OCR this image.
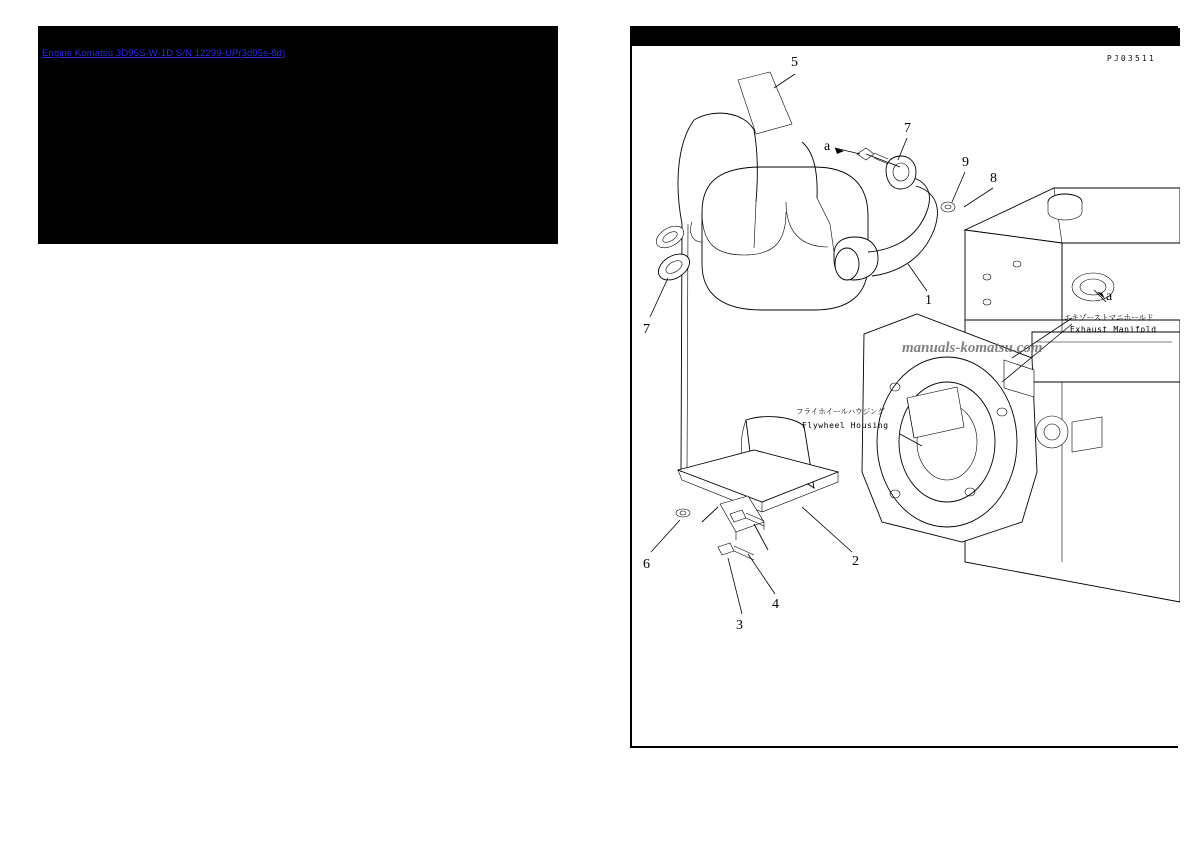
Engine Komatsu 3D95S-W-1D S/N 12299-UP(3d95s-8d)	PJ03511
エキゾーストマニホールド
Exhaust Manifold
フライホイールハウジング
Flywheel Housing
5
7
9
8
1
7
2
6
4
3
a
a
manuals-komatsu.com
